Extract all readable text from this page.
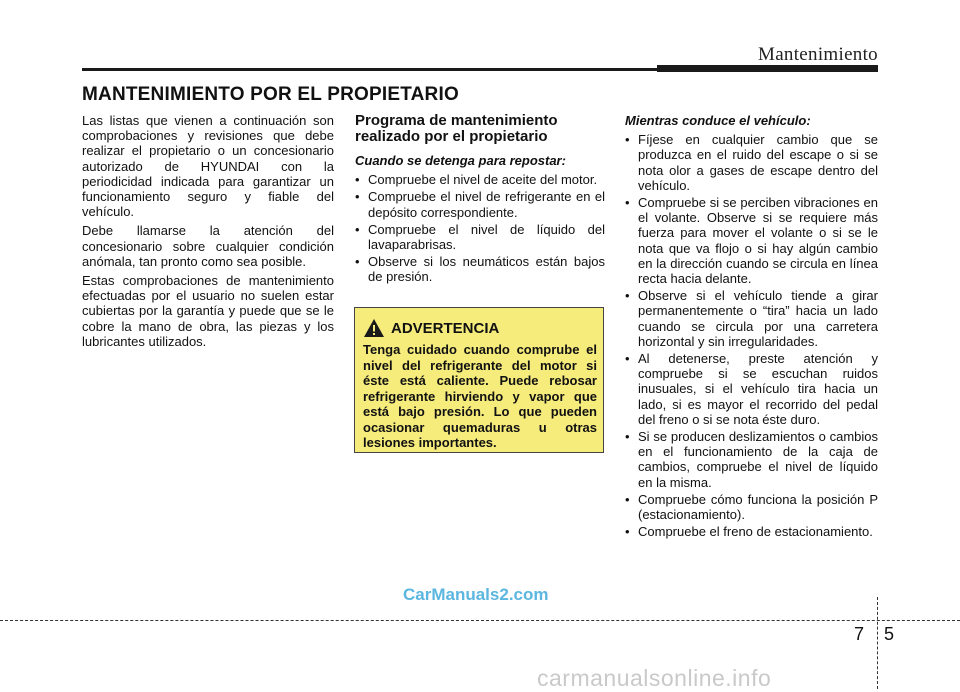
Mantenimiento
MANTENIMIENTO POR EL PROPIETARIO

Las listas que vienen a continuación son comprobaciones y revisiones que debe realizar el propietario o un concesionario autorizado de HYUNDAI con la periodicidad indicada para garantizar un funcionamiento seguro y fiable del vehículo.

Debe llamarse la atención del concesionario sobre cualquier condición anómala, tan pronto como sea posible.

Estas comprobaciones de mantenimiento efectuadas por el usuario no suelen estar cubiertas por la garantía y puede que se le cobre la mano de obra, las piezas y los lubricantes utilizados.

Programa de mantenimiento realizado por el propietario
Cuando se detenga para repostar:
• Compruebe el nivel de aceite del motor.
• Compruebe el nivel de refrigerante en el depósito correspondiente.
• Compruebe el nivel de líquido del lavaparabrisas.
• Observe si los neumáticos están bajos de presión.
ADVERTENCIA
Tenga cuidado cuando comprube el nivel del refrigerante del motor si éste está caliente. Puede rebosar refrigerante hirviendo y vapor que está bajo presión. Lo que pueden ocasionar quemaduras u otras lesiones importantes.
Mientras conduce el vehículo:
• Fíjese en cualquier cambio que se produzca en el ruido del escape o si se nota olor a gases de escape dentro del vehículo.
• Compruebe si se perciben vibraciones en el volante. Observe si se requiere más fuerza para mover el volante o si se le nota que va flojo o si hay algún cambio en la dirección cuando se circula en línea recta hacia delante.
• Observe si el vehículo tiende a girar permanentemente o “tira” hacia un lado cuando se circula por una carretera horizontal y sin irregularidades.
• Al detenerse, preste atención y compruebe si se escuchan ruidos inusuales, si el vehículo tira hacia un lado, si es mayor el recorrido del pedal del freno o si se nota éste duro.
• Si se producen deslizamientos o cambios en el funcionamiento de la caja de cambios, compruebe el nivel de líquido en la misma.
• Compruebe cómo funciona la posición P (estacionamiento).
• Compruebe el freno de estacionamiento.
CarManuals2.com
7 5
carmanualsonline.info
